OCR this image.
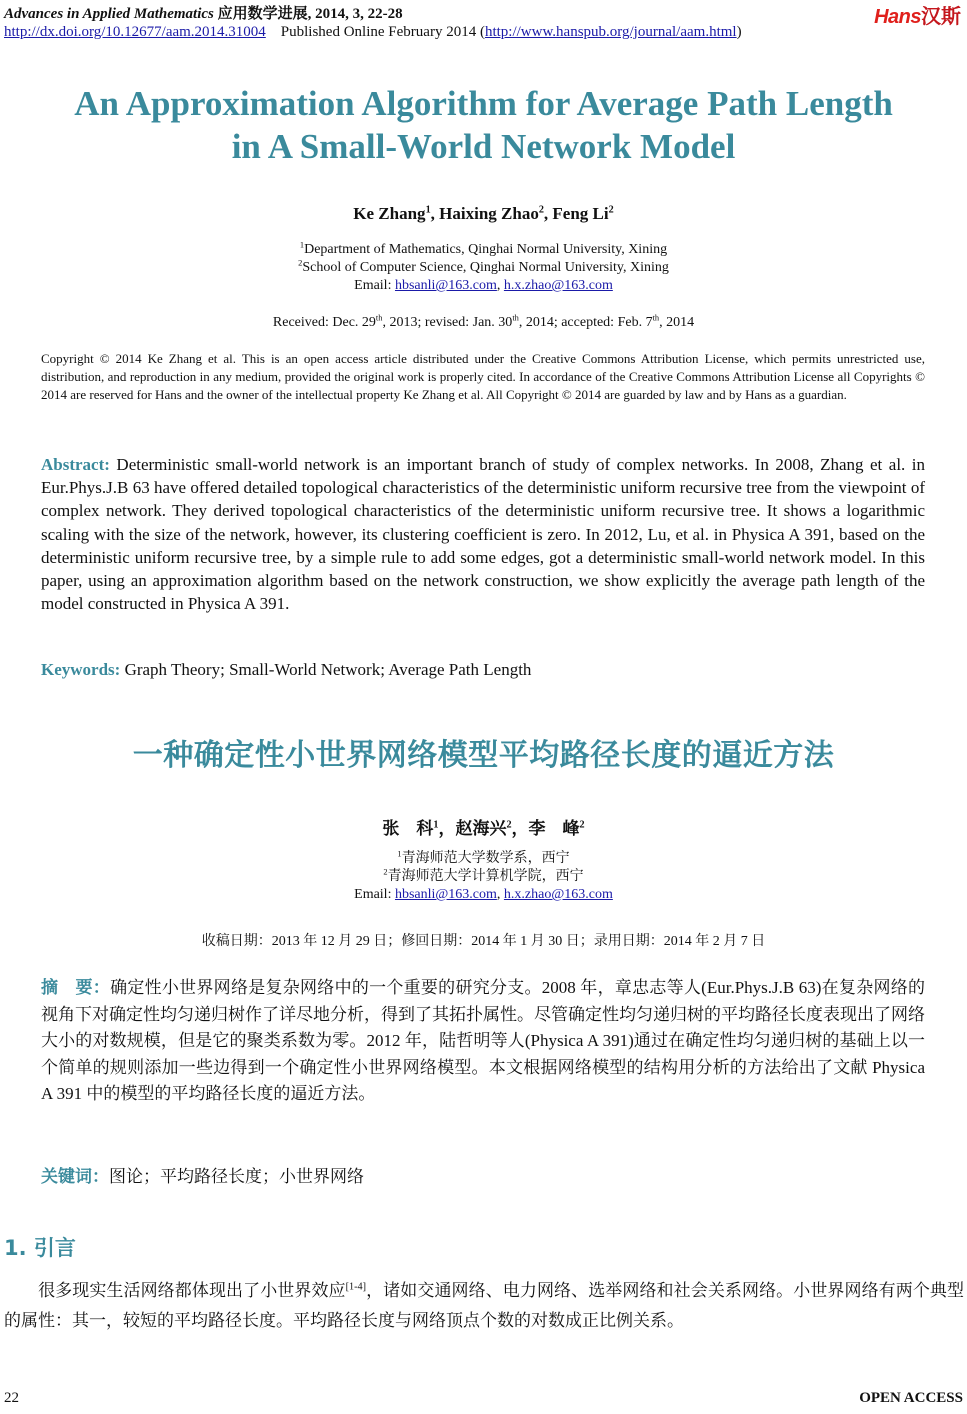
Advances in Applied Mathematics 应用数学进展, 2014, 3, 22-28	Hans汉斯
http://dx.doi.org/10.12677/aam.2014.31004 Published Online February 2014 (http://www.hanspub.org/journal/aam.html)
An Approximation Algorithm for Average Path Length
in A Small-World Network Model
Ke Zhang$^1$, Haixing Zhao$^2$, Feng Li$^2$
$^1$Department of Mathematics, Qinghai Normal University, Xining
$^2$School of Computer Science, Qinghai Normal University, Xining
Email: hbsanli@163.com, h.x.zhao@163.com
Received: Dec. 29th, 2013; revised: Jan. 30th, 2014; accepted: Feb. 7th, 2014
Copyright © 2014 Ke Zhang et al. This is an open access article distributed under the Creative Commons Attribution License, which permits unrestricted use, distribution, and reproduction in any medium, provided the original work is properly cited. In accordance of the Creative Commons Attribution License all Copyrights © 2014 are reserved for Hans and the owner of the intellectual property Ke Zhang et al. All Copyright © 2014 are guarded by law and by Hans as a guardian.
Abstract: Deterministic small-world network is an important branch of study of complex networks. In 2008, Zhang et al. in Eur.Phys.J.B 63 have offered detailed topological characteristics of the deterministic uniform recursive tree from the viewpoint of complex network. They derived topological characteristics of the deterministic uniform recursive tree. It shows a logarithmic scaling with the size of the network, however, its clustering coefficient is zero. In 2012, Lu, et al. in Physica A 391, based on the deterministic uniform recursive tree, by a simple rule to add some edges, got a deterministic small-world network model. In this paper, using an approximation algorithm based on the network construction, we show explicitly the average path length of the model constructed in Physica A 391.
Keywords: Graph Theory; Small-World Network; Average Path Length
一种确定性小世界网络模型平均路径长度的逼近方法
张　科$^1$，赵海兴$^2$，李　峰$^2$
$^1$青海师范大学数学系，西宁
$^2$青海师范大学计算机学院，西宁
Email: hbsanli@163.com, h.x.zhao@163.com
收稿日期：2013 年 12 月 29 日；修回日期：2014 年 1 月 30 日；录用日期：2014 年 2 月 7 日
摘　要：确定性小世界网络是复杂网络中的一个重要的研究分支。2008 年，章忠志等人(Eur.Phys.J.B 63)在复杂网络的视角下对确定性均匀递归树作了详尽地分析，得到了其拓扑属性。尽管确定性均匀递归树的平均路径长度表现出了网络大小的对数规模，但是它的聚类系数为零。2012 年，陆哲明等人(Physica A 391)通过在确定性均匀递归树的基础上以一个简单的规则添加一些边得到一个确定性小世界网络模型。本文根据网络模型的结构用分析的方法给出了文献 Physica A 391 中的模型的平均路径长度的逼近方法。
关键词：图论；平均路径长度；小世界网络
1. 引言
很多现实生活网络都体现出了小世界效应[1-4]，诸如交通网络、电力网络、选举网络和社会关系网络。小世界网络有两个典型的属性：其一，较短的平均路径长度。平均路径长度与网络顶点个数的对数成正比例关系。
22	OPEN ACCESS
